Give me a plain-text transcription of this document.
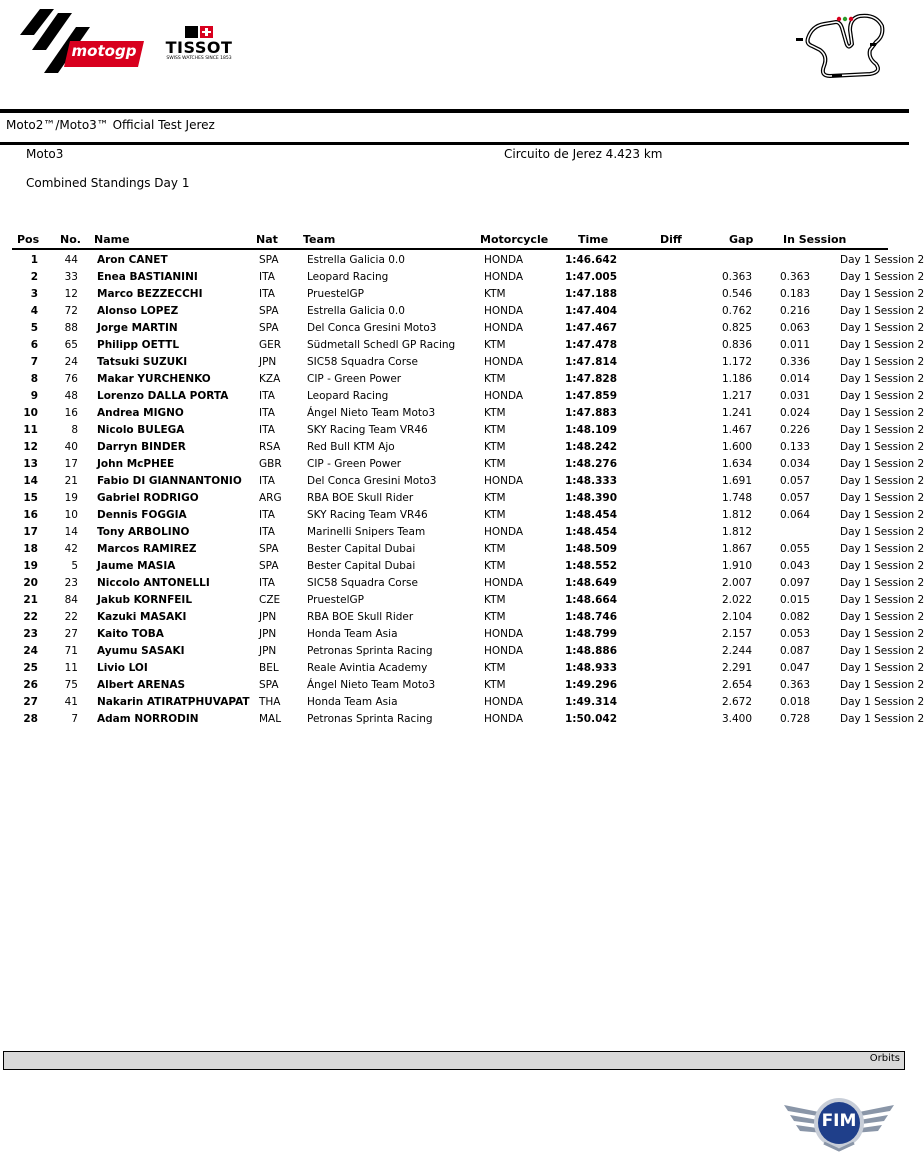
motogp	TISSOT
SWISS WATCHES SINCE 1853
Moto2™/Moto3™ Official Test Jerez
Moto3	Circuito de Jerez 4.423 km
Combined Standings Day 1
Pos No. Name	Nat Team	Motorcycle	Time	Diff	Gap	In Session
1	44		Aron CANET	SPA	Estrella Galicia 0.0	HONDA	1:46.642				Day 1 Session 2
2	33		Enea BASTIANINI	ITA	Leopard Racing	HONDA	1:47.005	0.363	0.363		Day 1 Session 2
3	12		Marco BEZZECCHI	ITA	PruestelGP	KTM	1:47.188	0.546	0.183		Day 1 Session 2
4	72		Alonso LOPEZ	SPA	Estrella Galicia 0.0	HONDA	1:47.404	0.762	0.216		Day 1 Session 2
5	88		Jorge MARTIN	SPA	Del Conca Gresini Moto3	HONDA	1:47.467	0.825	0.063		Day 1 Session 2
6	65		Philipp OETTL	GER	Südmetall Schedl GP Racing	KTM	1:47.478	0.836	0.011		Day 1 Session 2
7	24		Tatsuki SUZUKI	JPN	SIC58 Squadra Corse	HONDA	1:47.814	1.172	0.336		Day 1 Session 2
8	76		Makar YURCHENKO	KZA	CIP - Green Power	KTM	1:47.828	1.186	0.014		Day 1 Session 2
9	48		Lorenzo DALLA PORTA	ITA	Leopard Racing	HONDA	1:47.859	1.217	0.031		Day 1 Session 2
10	16		Andrea MIGNO	ITA	Ángel Nieto Team Moto3	KTM	1:47.883	1.241	0.024		Day 1 Session 2
11	8		Nicolo BULEGA	ITA	SKY Racing Team VR46	KTM	1:48.109	1.467	0.226		Day 1 Session 2
12	40		Darryn BINDER	RSA	Red Bull KTM Ajo	KTM	1:48.242	1.600	0.133		Day 1 Session 2
13	17		John McPHEE	GBR	CIP - Green Power	KTM	1:48.276	1.634	0.034		Day 1 Session 2
14	21		Fabio DI GIANNANTONIO	ITA	Del Conca Gresini Moto3	HONDA	1:48.333	1.691	0.057		Day 1 Session 2
15	19		Gabriel RODRIGO	ARG	RBA BOE Skull Rider	KTM	1:48.390	1.748	0.057		Day 1 Session 2
16	10		Dennis FOGGIA	ITA	SKY Racing Team VR46	KTM	1:48.454	1.812	0.064		Day 1 Session 2
17	14		Tony ARBOLINO	ITA	Marinelli Snipers Team	HONDA	1:48.454	1.812			Day 1 Session 2
18	42		Marcos RAMIREZ	SPA	Bester Capital Dubai	KTM	1:48.509	1.867	0.055		Day 1 Session 2
19	5		Jaume MASIA	SPA	Bester Capital Dubai	KTM	1:48.552	1.910	0.043		Day 1 Session 2
20	23		Niccolo ANTONELLI	ITA	SIC58 Squadra Corse	HONDA	1:48.649	2.007	0.097		Day 1 Session 2
21	84		Jakub KORNFEIL	CZE	PruestelGP	KTM	1:48.664	2.022	0.015		Day 1 Session 2
22	22		Kazuki MASAKI	JPN	RBA BOE Skull Rider	KTM	1:48.746	2.104	0.082		Day 1 Session 2
23	27		Kaito TOBA	JPN	Honda Team Asia	HONDA	1:48.799	2.157	0.053		Day 1 Session 2
24	71		Ayumu SASAKI	JPN	Petronas Sprinta Racing	HONDA	1:48.886	2.244	0.087		Day 1 Session 2
25	11		Livio LOI	BEL	Reale Avintia Academy	KTM	1:48.933	2.291	0.047		Day 1 Session 2
26	75		Albert ARENAS	SPA	Ángel Nieto Team Moto3	KTM	1:49.296	2.654	0.363		Day 1 Session 2
27	41		Nakarin ATIRATPHUVAPAT	THA	Honda Team Asia	HONDA	1:49.314	2.672	0.018		Day 1 Session 2
28	7		Adam NORRODIN	MAL	Petronas Sprinta Racing	HONDA	1:50.042	3.400	0.728		Day 1 Session 2
Orbits
FIM
